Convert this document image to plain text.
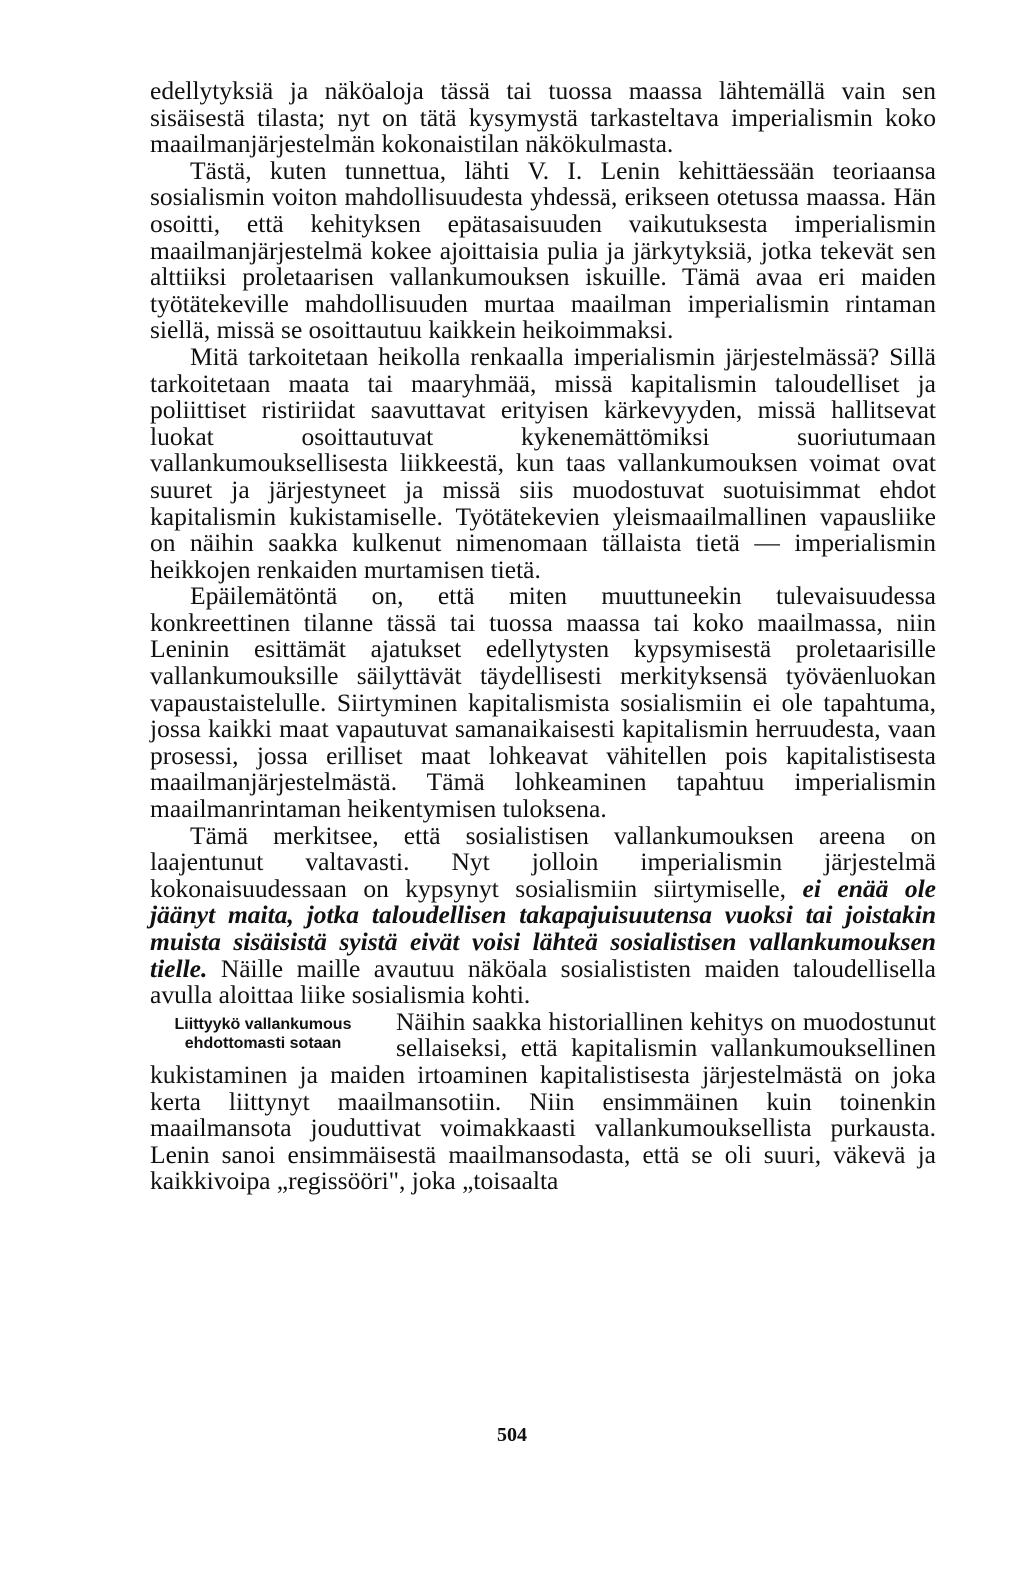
edellytyksiä ja näköaloja tässä tai tuossa maassa lähtemällä vain sen sisäisestä tilasta; nyt on tätä kysymystä tarkasteltava imperialismin koko maailmanjärjestelmän kokonaistilan näkökulmasta.

Tästä, kuten tunnettua, lähti V. I. Lenin kehittäessään teoriaansa sosialismin voiton mahdollisuudesta yhdessä, erikseen otetussa maassa. Hän osoitti, että kehityksen epätasaisuuden vaikutuksesta imperialismin maailmanjärjestelmä kokee ajoittaisia pulia ja järkytyksiä, jotka tekevät sen alttiiksi proletaarisen vallankumouksen iskuille. Tämä avaa eri maiden työtätekeville mahdollisuuden murtaa maailman imperialismin rintaman siellä, missä se osoittautuu kaikkein heikoimmaksi.

Mitä tarkoitetaan heikolla renkaalla imperialismin järjestelmässä? Sillä tarkoitetaan maata tai maaryhmää, missä kapitalismin taloudelliset ja poliittiset ristiriidat saavuttavat erityisen kärkevyyden, missä hallitsevat luokat osoittautuvat kykenemättömiksi suoriutumaan vallankumouksellisesta liikkeestä, kun taas vallankumouksen voimat ovat suuret ja järjestyneet ja missä siis muodostuvat suotuisimmat ehdot kapitalismin kukistamiselle. Työtätekevien yleismaailmallinen vapausliike on näihin saakka kulkenut nimenomaan tällaista tietä — imperialismin heikkojen renkaiden murtamisen tietä.

Epäilemätöntä on, että miten muuttuneekin tulevaisuudessa konkreettinen tilanne tässä tai tuossa maassa tai koko maailmassa, niin Leninin esittämät ajatukset edellytysten kypsymisestä proletaarisille vallankumouksille säilyttävät täydellisesti merkityksensä työväenluokan vapaustaistelulle. Siirtyminen kapitalismista sosialismiin ei ole tapahtuma, jossa kaikki maat vapautuvat samanaikaisesti kapitalismin herruudesta, vaan prosessi, jossa erilliset maat lohkeavat vähitellen pois kapitalistisesta maailmanjärjestelmästä. Tämä lohkeaminen tapahtuu imperialismin maailmanrintaman heikentymisen tuloksena.

Tämä merkitsee, että sosialistisen vallankumouksen areena on laajentunut valtavasti. Nyt jolloin imperialismin järjestelmä kokonaisuudessaan on kypsynyt sosialismiin siirtymiselle, ei enää ole jäänyt maita, jotka taloudellisen takapajuisuutensa vuoksi tai joistakin muista sisäisistä syistä eivät voisi lähteä sosialistisen vallankumouksen tielle. Näille maille avautuu näköala sosialististen maiden taloudellisella avulla aloittaa liike sosialismia kohti.

Liittyykö vallankumous ehdottomasti sotaan
Näihin saakka historiallinen kehitys on muodostunut sellaiseksi, että kapitalismin vallankumouksellinen kukistaminen ja maiden irtoaminen kapitalistisesta järjestelmästä on joka kerta liittynyt maailmansotiin. Niin ensimmäinen kuin toinenkin maailmansota jouduttivat voimakkaasti vallankumouksellista purkausta. Lenin sanoi ensimmäisestä maailmansodasta, että se oli suuri, väkevä ja kaikkivoipa „regissööri", joka „toisaalta

504
